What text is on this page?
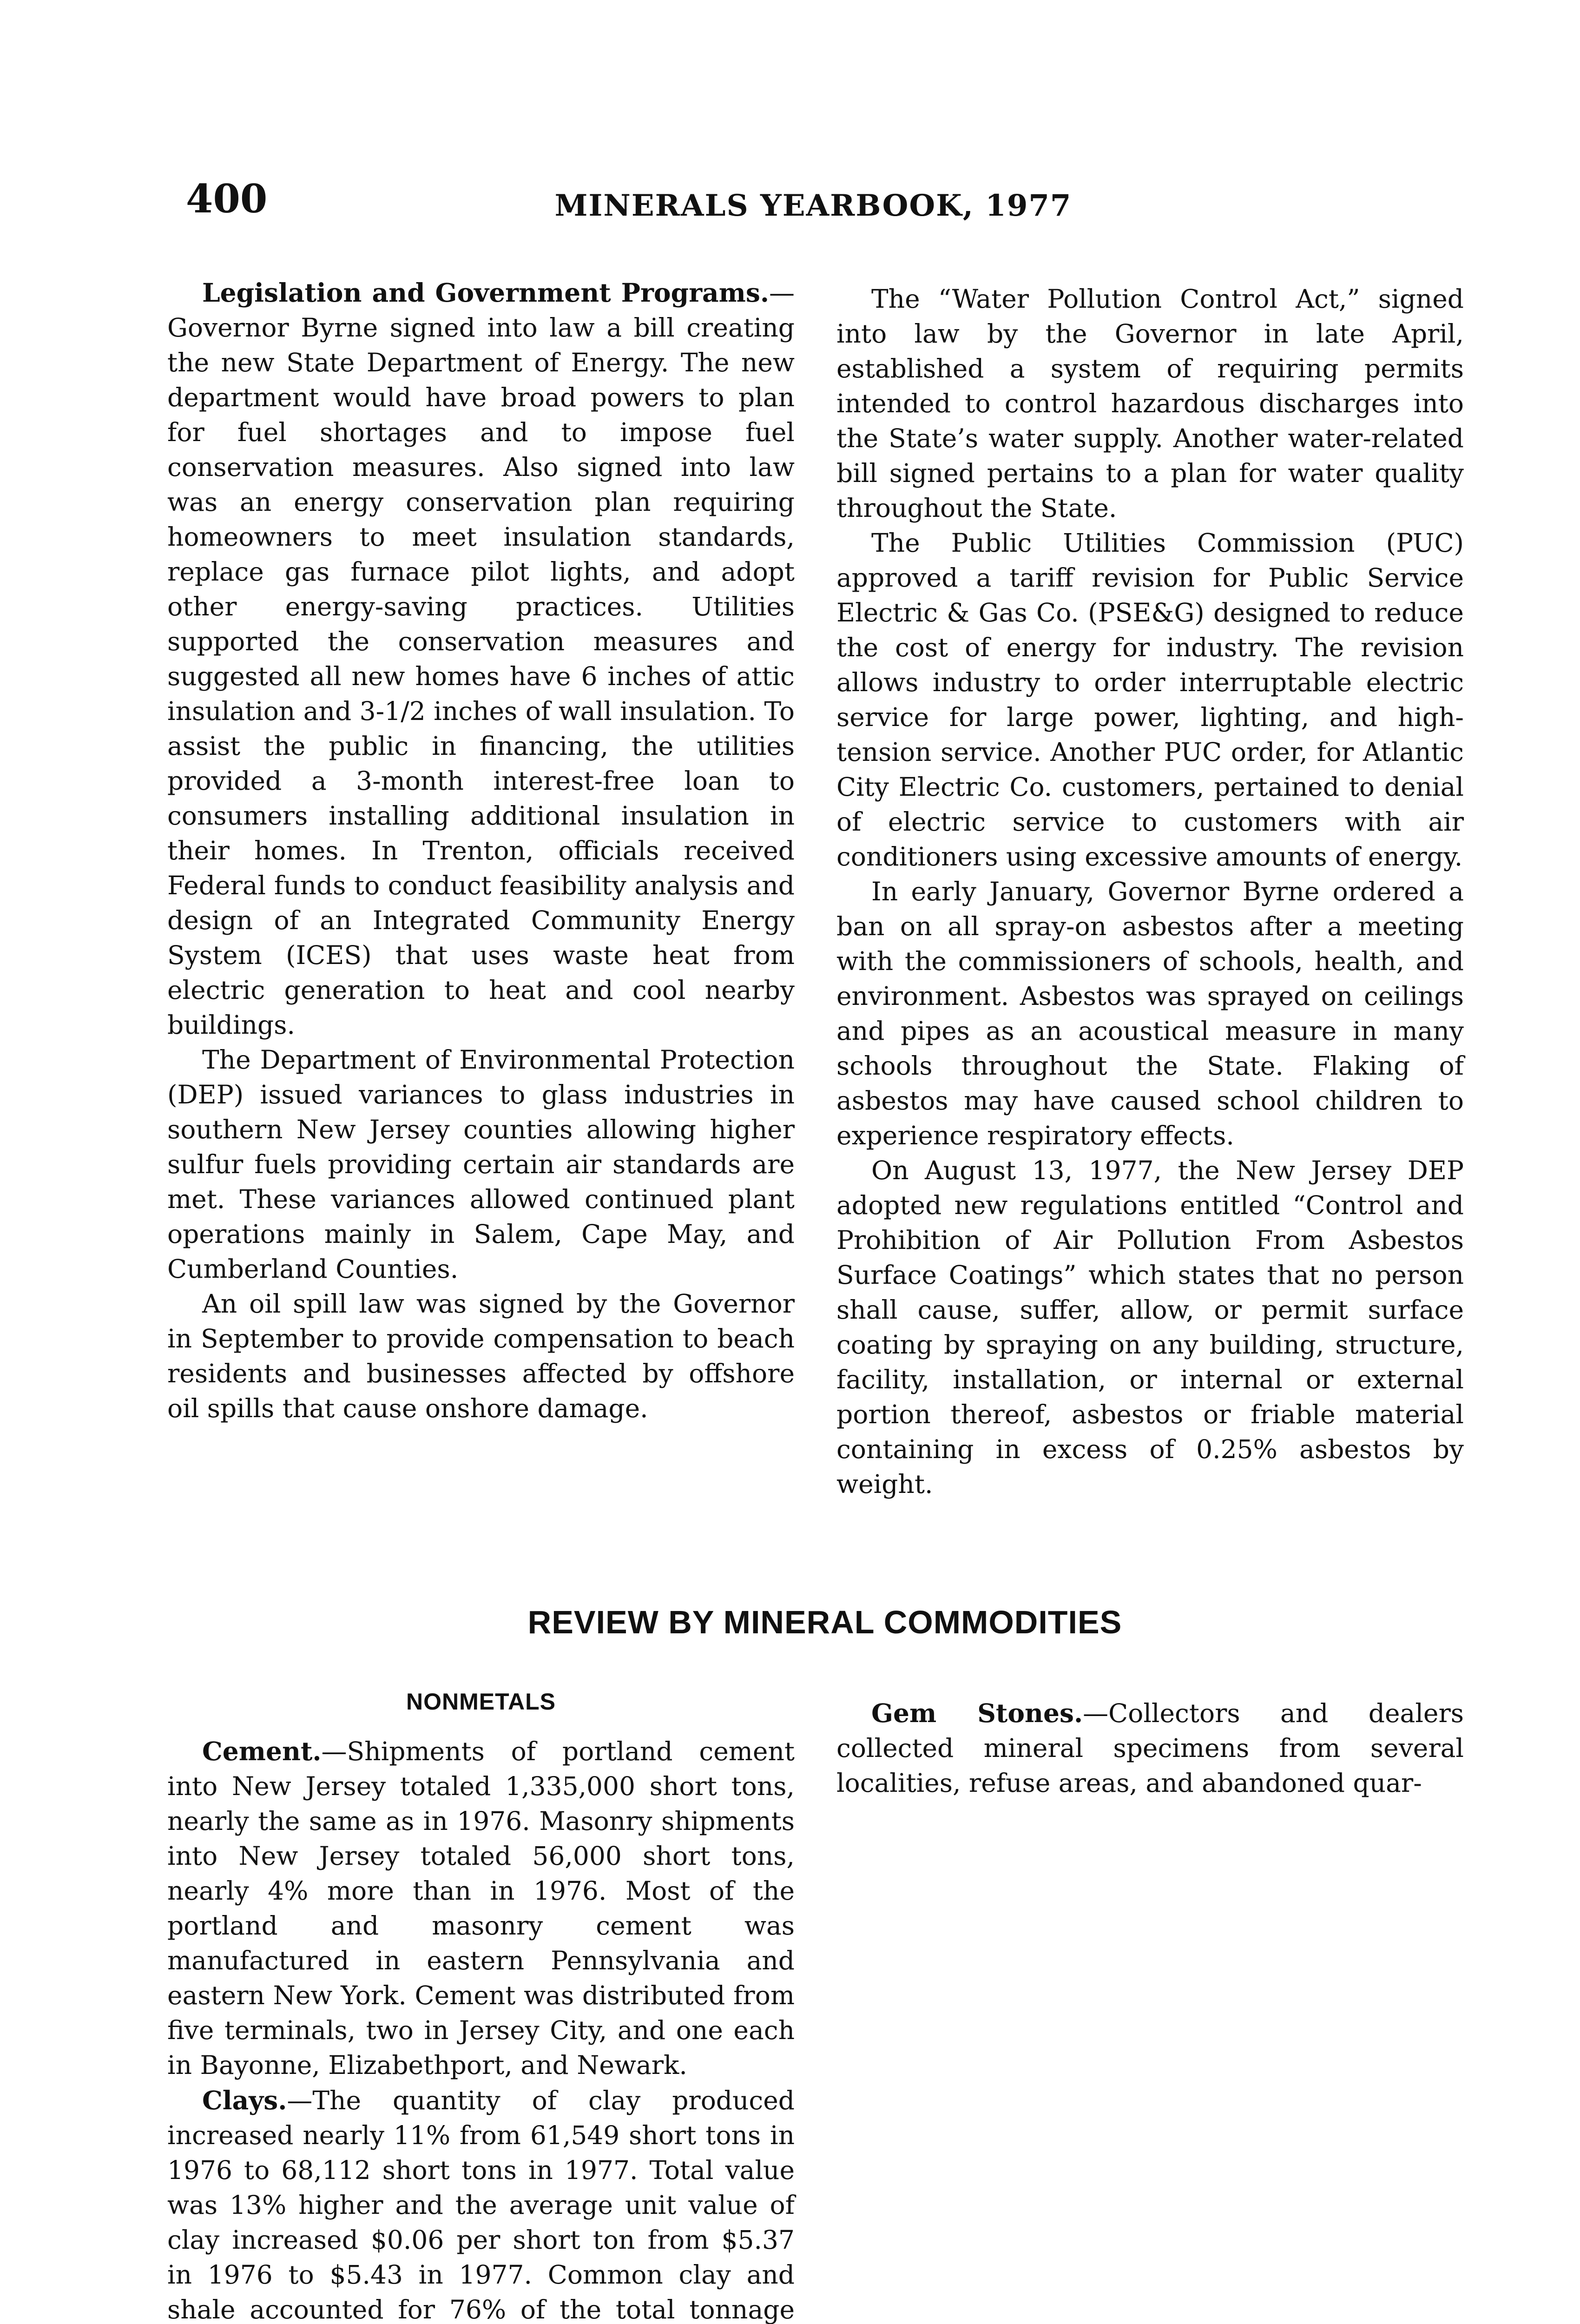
400	MINERALS YEARBOOK, 1977

Legislation and Government Programs.—Governor Byrne signed into law a bill creating the new State Department of Energy. The new department would have broad powers to plan for fuel shortages and to impose fuel conservation measures. Also signed into law was an energy conservation plan requiring homeowners to meet insulation standards, replace gas furnace pilot lights, and adopt other energy-saving practices. Utilities supported the conservation measures and suggested all new homes have 6 inches of attic insulation and 3-1/2 inches of wall insulation. To assist the public in financing, the utilities provided a 3-month interest-free loan to consumers installing additional insulation in their homes. In Trenton, officials received Federal funds to conduct feasibility analysis and design of an Integrated Community Energy System (ICES) that uses waste heat from electric generation to heat and cool nearby buildings.

The Department of Environmental Protection (DEP) issued variances to glass industries in southern New Jersey counties allowing higher sulfur fuels providing certain air standards are met. These variances allowed continued plant operations mainly in Salem, Cape May, and Cumberland Counties.

An oil spill law was signed by the Governor in September to provide compensation to beach residents and businesses affected by offshore oil spills that cause onshore damage.

The “Water Pollution Control Act,” signed into law by the Governor in late April, established a system of requiring permits intended to control hazardous discharges into the State’s water supply. Another water-related bill signed pertains to a plan for water quality throughout the State.

The Public Utilities Commission (PUC) approved a tariff revision for Public Service Electric & Gas Co. (PSE&G) designed to reduce the cost of energy for industry. The revision allows industry to order interruptable electric service for large power, lighting, and high-tension service. Another PUC order, for Atlantic City Electric Co. customers, pertained to denial of electric service to customers with air conditioners using excessive amounts of energy.

In early January, Governor Byrne ordered a ban on all spray-on asbestos after a meeting with the commissioners of schools, health, and environment. Asbestos was sprayed on ceilings and pipes as an acoustical measure in many schools throughout the State. Flaking of asbestos may have caused school children to experience respiratory effects.

On August 13, 1977, the New Jersey DEP adopted new regulations entitled “Control and Prohibition of Air Pollution From Asbestos Surface Coatings” which states that no person shall cause, suffer, allow, or permit surface coating by spraying on any building, structure, facility, installation, or internal or external portion thereof, asbestos or friable material containing in excess of 0.25% asbestos by weight.

REVIEW BY MINERAL COMMODITIES
NONMETALS

Cement.—Shipments of portland cement into New Jersey totaled 1,335,000 short tons, nearly the same as in 1976. Masonry shipments into New Jersey totaled 56,000 short tons, nearly 4% more than in 1976. Most of the portland and masonry cement was manufactured in eastern Pennsylvania and eastern New York. Cement was distributed from five terminals, two in Jersey City, and one each in Bayonne, Elizabethport, and Newark.

Clays.—The quantity of clay produced increased nearly 11% from 61,549 short tons in 1976 to 68,112 short tons in 1977. Total value was 13% higher and the average unit value of clay increased $0.06 per short ton from $5.37 in 1976 to $5.43 in 1977. Common clay and shale accounted for 76% of the total tonnage

Gem Stones.—Collectors and dealers collected mineral specimens from several localities, refuse areas, and abandoned quar-
